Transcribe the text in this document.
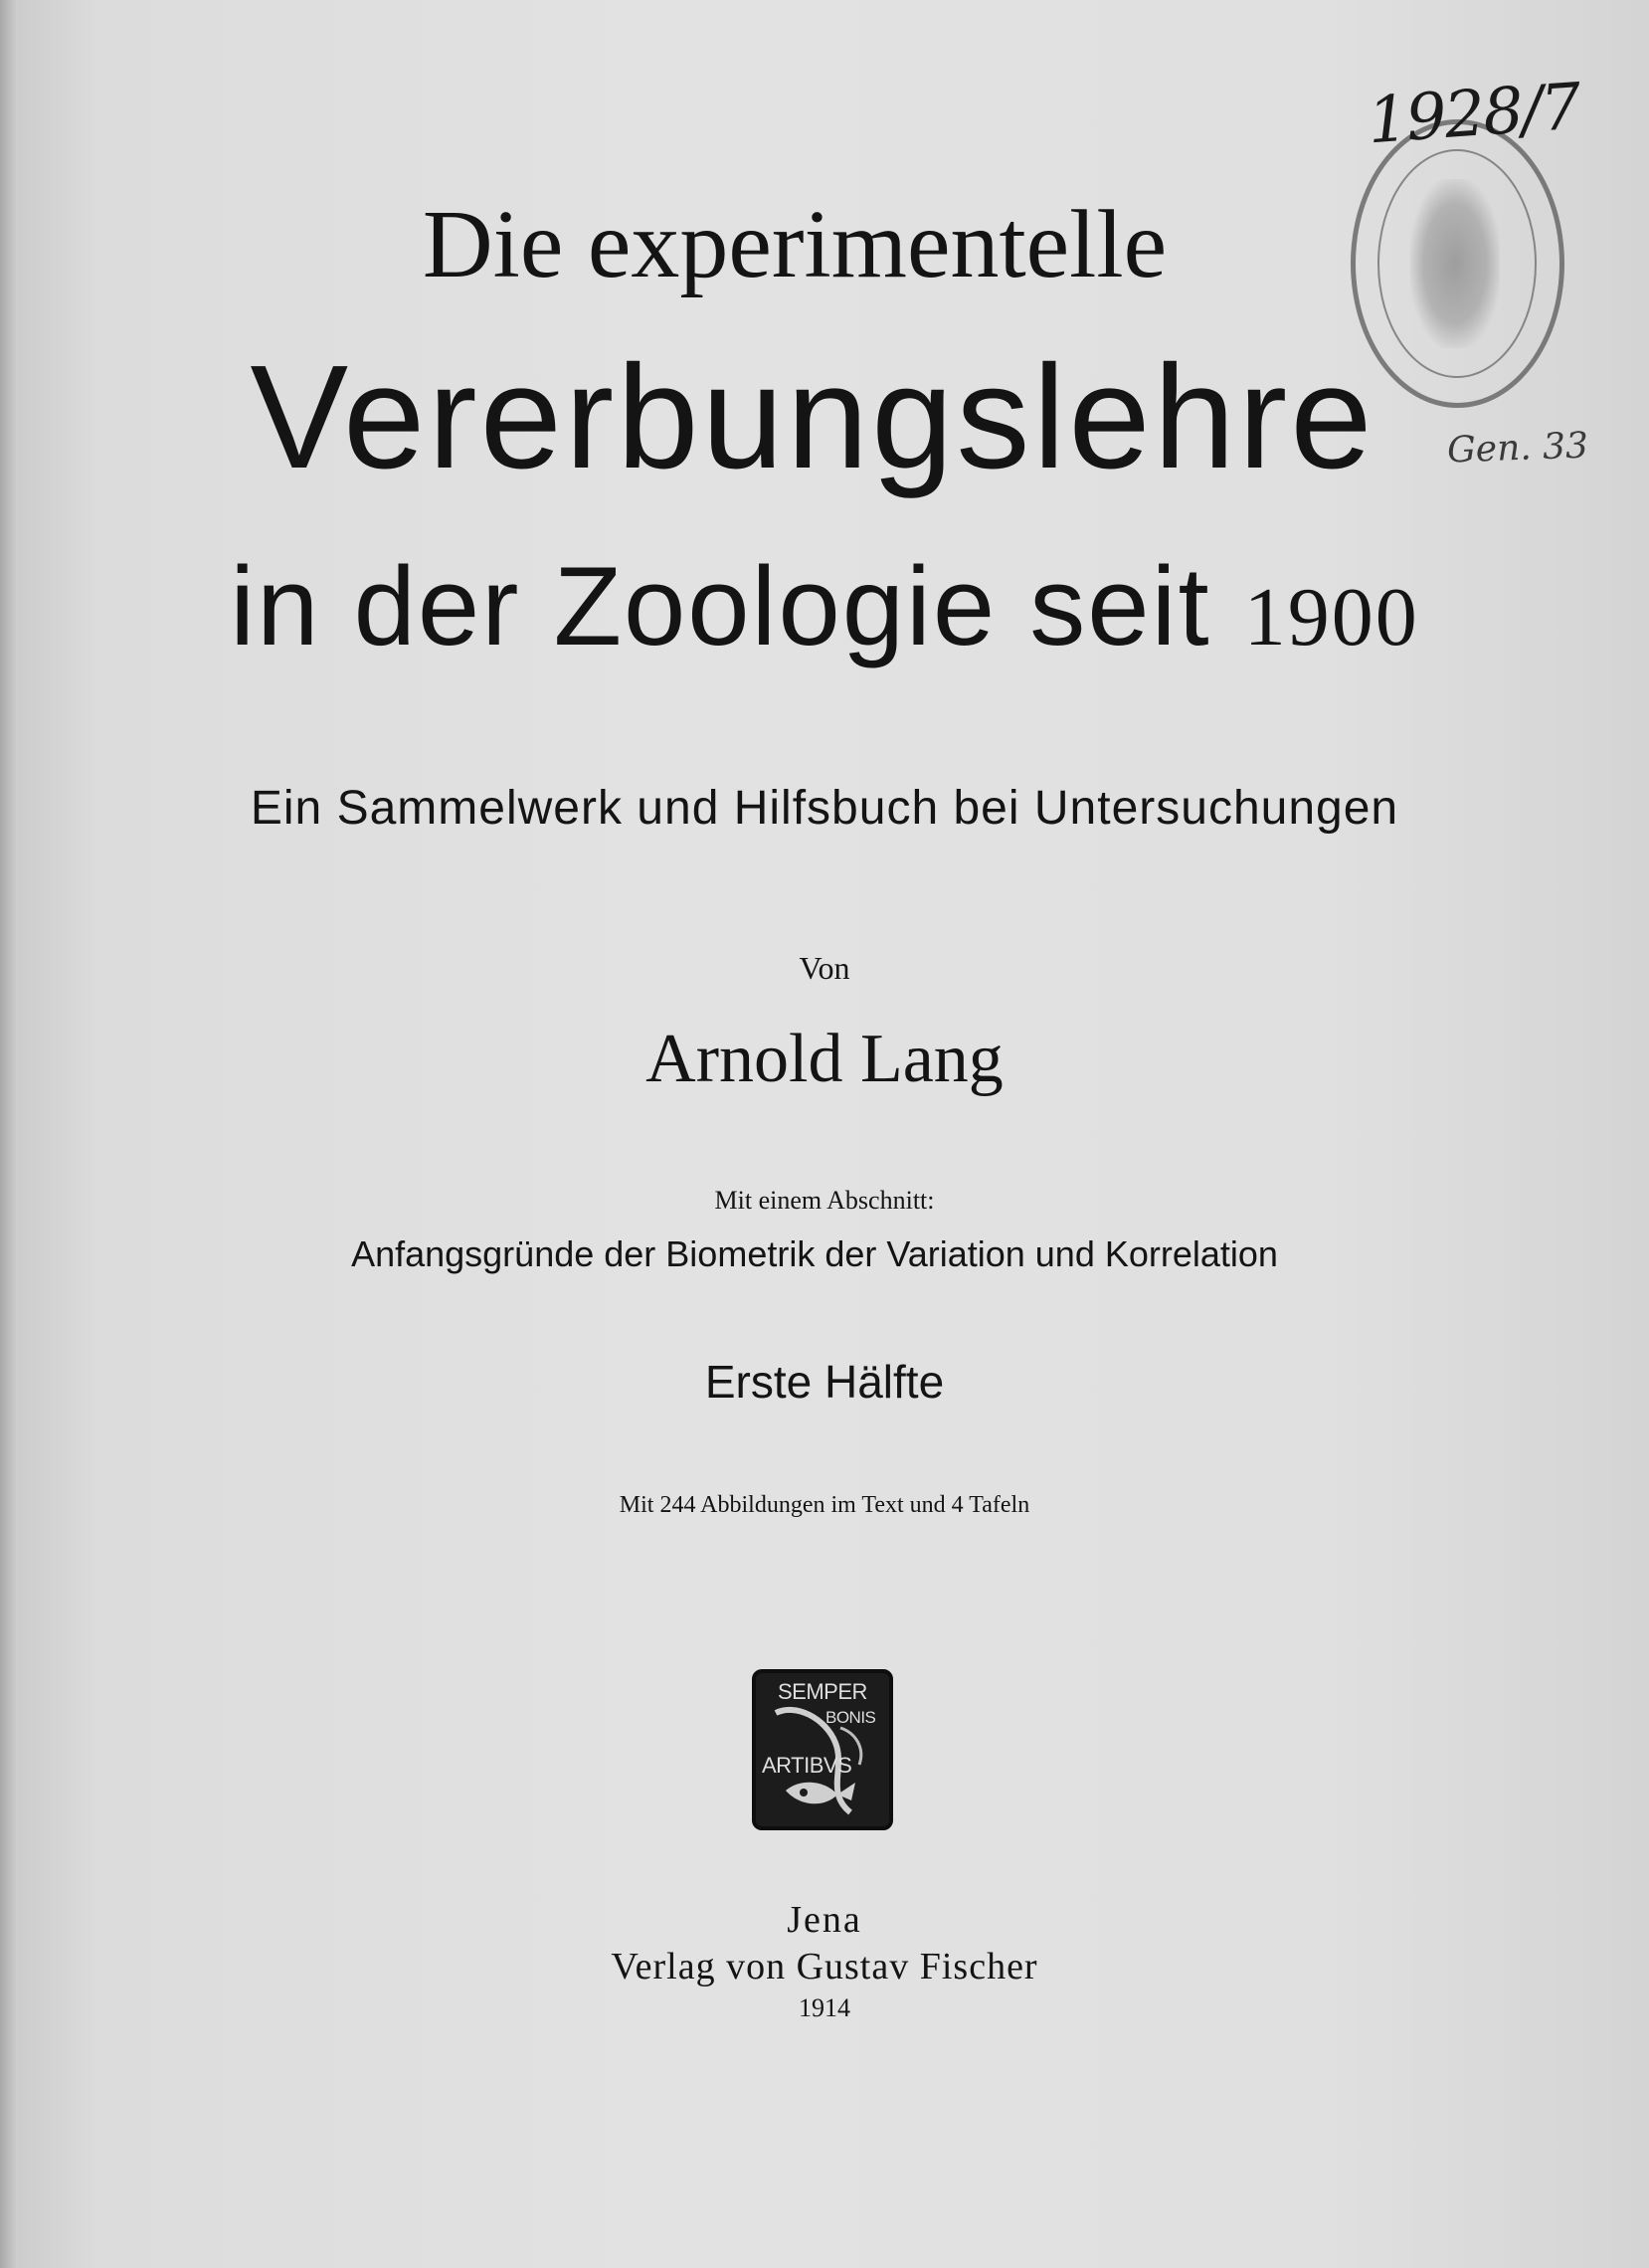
1928/7
Gen. 33
Die experimentelle
Vererbungslehre
in der Zoologie seit 1900
Ein Sammelwerk und Hilfsbuch bei Untersuchungen
Von
Arnold Lang
Mit einem Abschnitt:
Anfangsgründe der Biometrik der Variation und Korrelation
Erste Hälfte
Mit 244 Abbildungen im Text und 4 Tafeln
SEMPER
BONIS
ARTIBVS
Jena
Verlag von Gustav Fischer
1914
